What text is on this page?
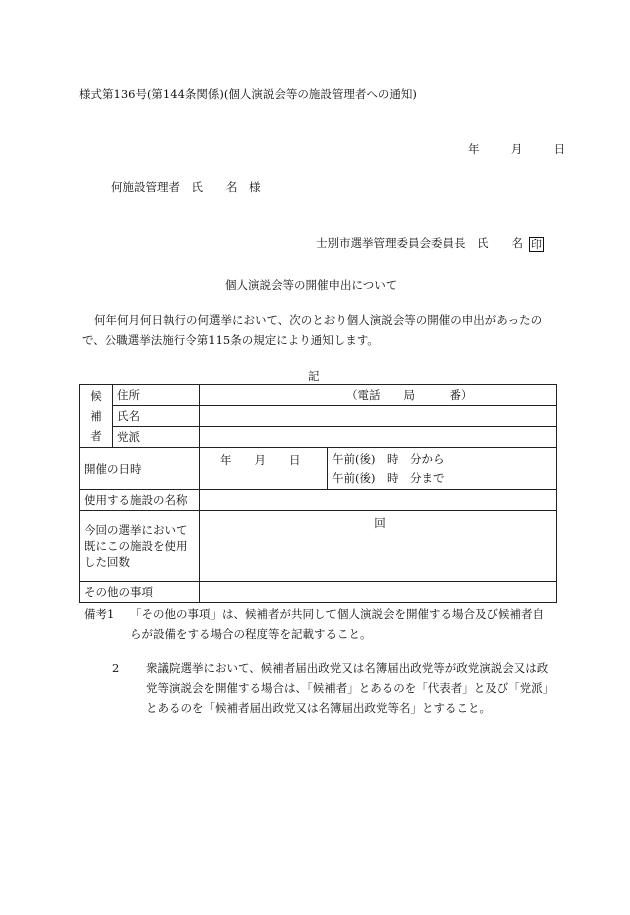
様式第136号(第144条関係)(個人演説会等の施設管理者への通知)
年	月	日
何施設管理者　氏　　名　様
士別市選挙管理委員会委員長　氏　　名 印
個人演説会等の開催申出について
何年何月何日執行の何選挙において、次のとおり個人演説会等の開催の申出があったので、公職選挙法施行令第115条の規定により通知します。
記
候
補
者	住所	（電話　　局　　　番）	
	氏名		
	党派		
開催の日時		年　　月　　日	午前(後)　時　分から
午前(後)　時　分まで

使用する施設の名称			
今回の選挙において既にこの施設を使用した回数		回	
その他の事項			
備考1	「その他の事項」は、候補者が共同して個人演説会を開催する場合及び候補者自らが設備をする場合の程度等を記載すること。
2	衆議院選挙において、候補者届出政党又は名簿届出政党等が政党演説会又は政党等演説会を開催する場合は、「候補者」とあるのを「代表者」と及び「党派」とあるのを「候補者届出政党又は名簿届出政党等名」とすること。
